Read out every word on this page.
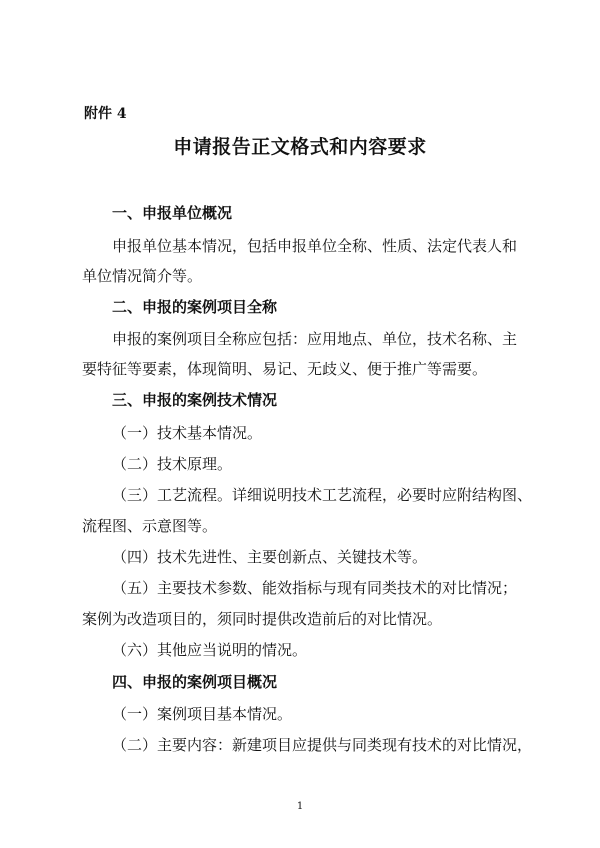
附件 4
申请报告正文格式和内容要求
一、申报单位概况
申报单位基本情况，包括申报单位全称、性质、法定代表人和
单位情况简介等。
二、申报的案例项目全称
申报的案例项目全称应包括：应用地点、单位，技术名称、主
要特征等要素，体现简明、易记、无歧义、便于推广等需要。
三、申报的案例技术情况
（一）技术基本情况。
（二）技术原理。
（三）工艺流程。详细说明技术工艺流程，必要时应附结构图、
流程图、示意图等。
（四）技术先进性、主要创新点、关键技术等。
（五）主要技术参数、能效指标与现有同类技术的对比情况；
案例为改造项目的，须同时提供改造前后的对比情况。
（六）其他应当说明的情况。
四、申报的案例项目概况
（一）案例项目基本情况。
（二）主要内容：新建项目应提供与同类现有技术的对比情况，
1
